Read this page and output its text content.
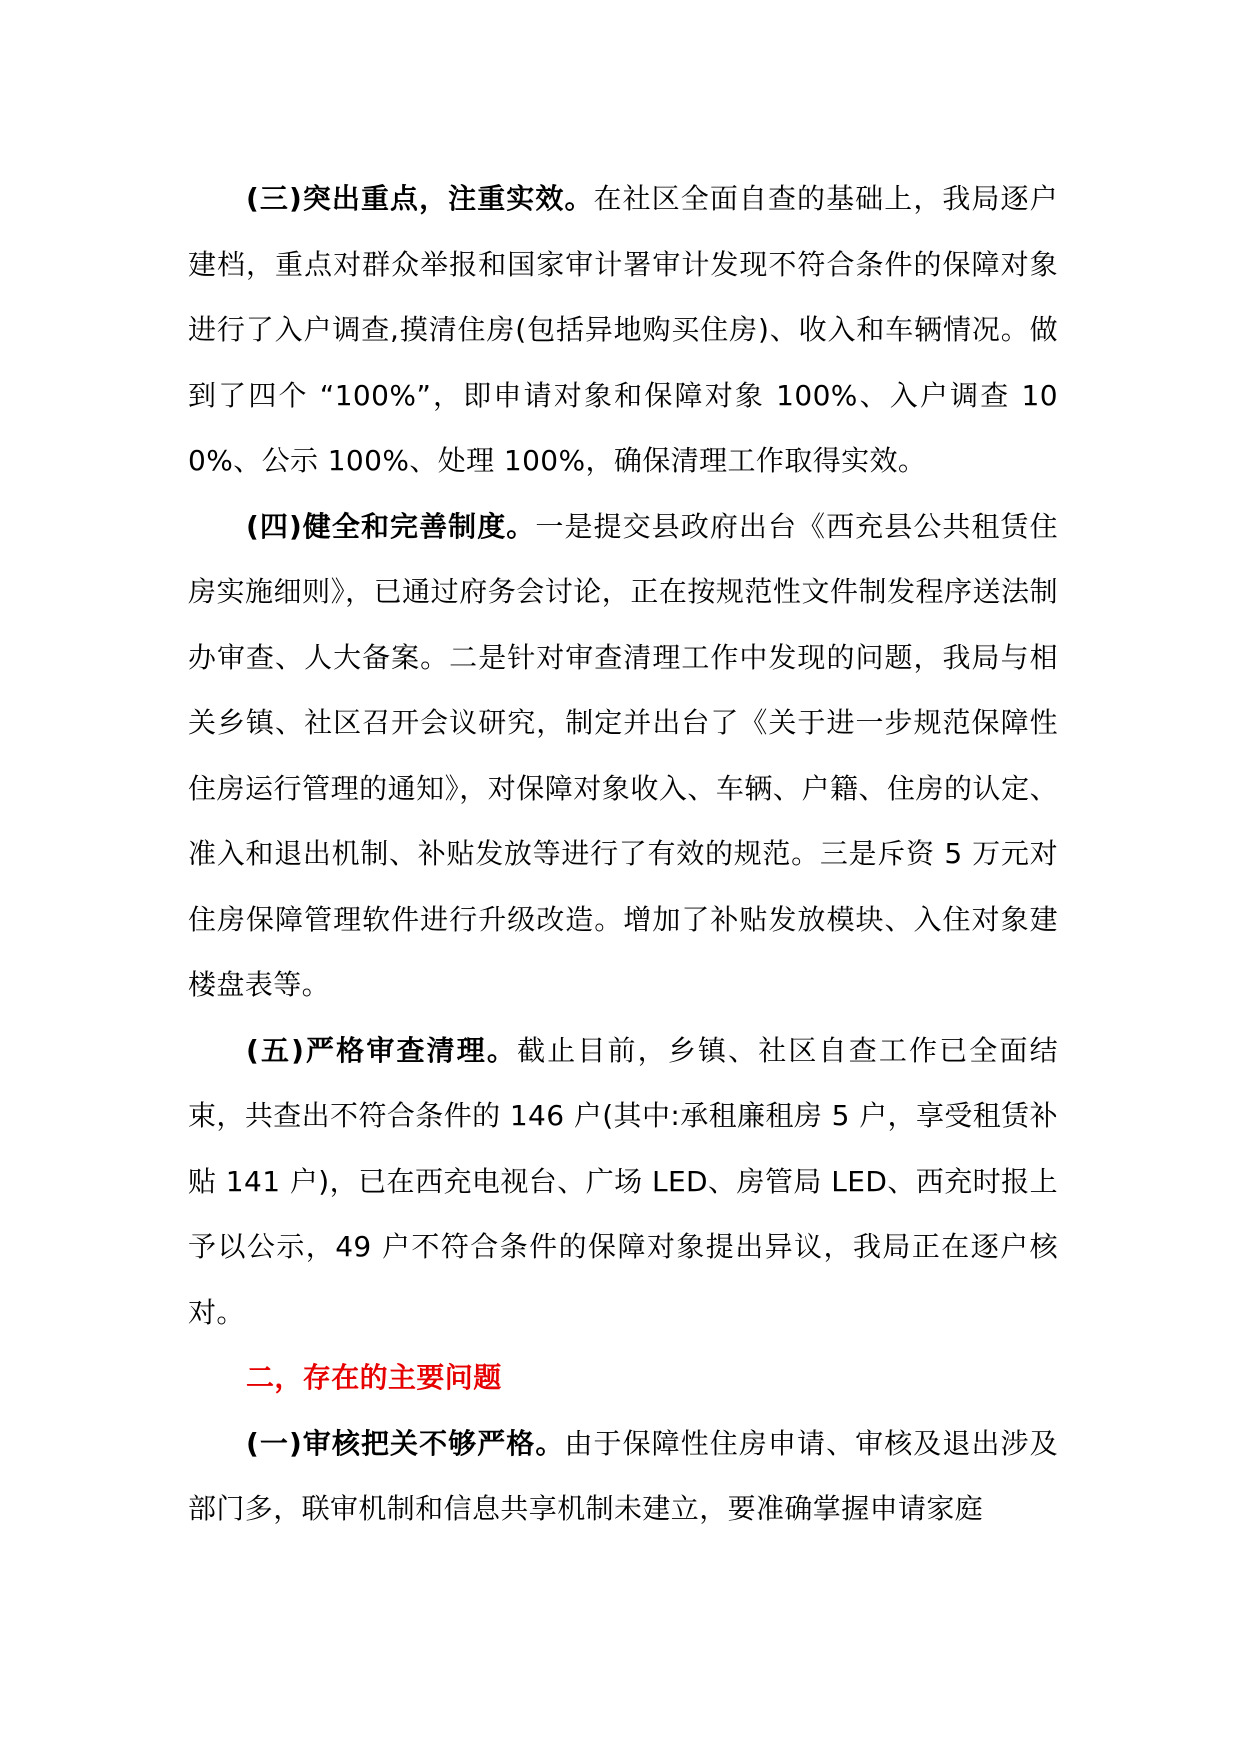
(三)突出重点，注重实效。在社区全面自查的基础上，我局逐户建档，重点对群众举报和国家审计署审计发现不符合条件的保障对象进行了入户调查,摸清住房(包括异地购买住房)、收入和车辆情况。做到了四个 “100%”，即申请对象和保障对象 100%、入户调查 100%、公示 100%、处理 100%，确保清理工作取得实效。

(四)健全和完善制度。一是提交县政府出台《西充县公共租赁住房实施细则》，已通过府务会讨论，正在按规范性文件制发程序送法制办审查、人大备案。二是针对审查清理工作中发现的问题，我局与相关乡镇、社区召开会议研究，制定并出台了《关于进一步规范保障性住房运行管理的通知》，对保障对象收入、车辆、户籍、住房的认定、准入和退出机制、补贴发放等进行了有效的规范。三是斥资 5 万元对住房保障管理软件进行升级改造。增加了补贴发放模块、入住对象建楼盘表等。

(五)严格审查清理。截止目前，乡镇、社区自查工作已全面结束，共查出不符合条件的 146 户(其中:承租廉租房 5 户，享受租赁补贴 141 户)，已在西充电视台、广场 LED、房管局 LED、西充时报上予以公示，49 户不符合条件的保障对象提出异议，我局正在逐户核对。

二，存在的主要问题

(一)审核把关不够严格。由于保障性住房申请、审核及退出涉及部门多，联审机制和信息共享机制未建立，要准确掌握申请家庭
